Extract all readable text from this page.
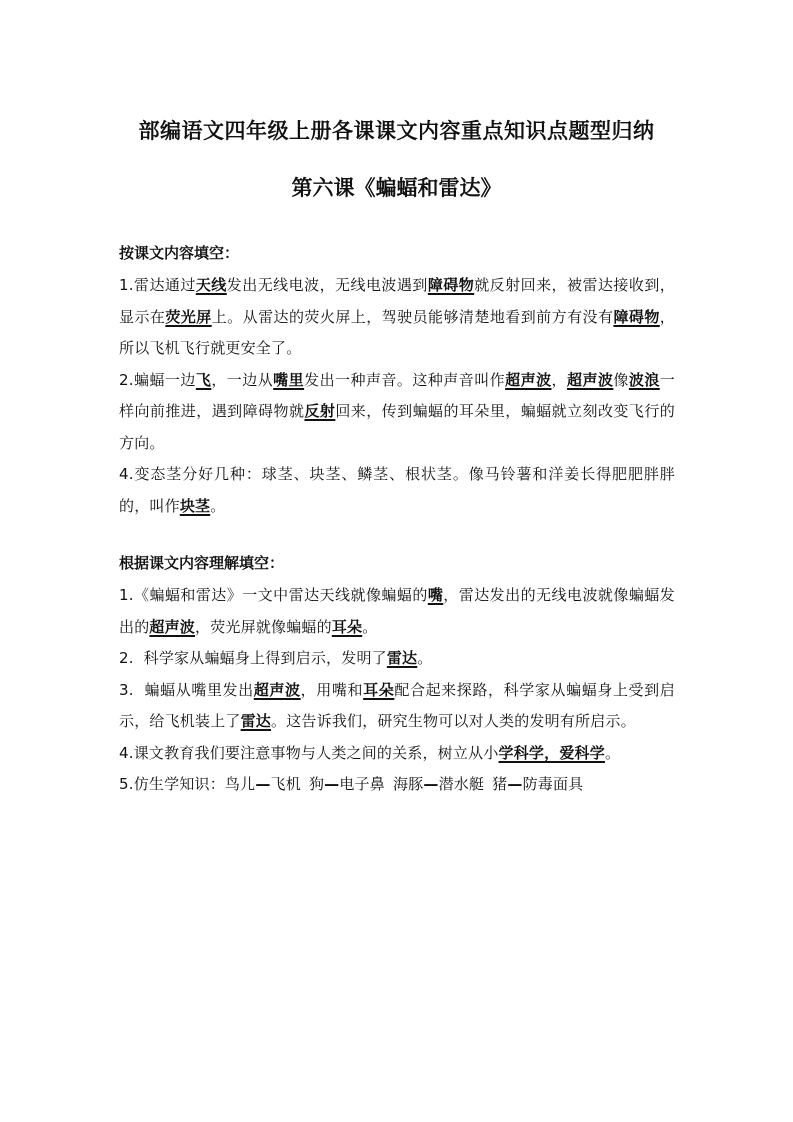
部编语文四年级上册各课课文内容重点知识点题型归纳
第六课《蝙蝠和雷达》

按课文内容填空：

1.雷达通过天线发出无线电波，无线电波遇到障碍物就反射回来，被雷达接收到，显示在荧光屏上。从雷达的荧火屏上，驾驶员能够清楚地看到前方有没有障碍物，所以飞机飞行就更安全了。

2.蝙蝠一边飞，一边从嘴里发出一种声音。这种声音叫作超声波，超声波像波浪一样向前推进，遇到障碍物就反射回来，传到蝙蝠的耳朵里，蝙蝠就立刻改变飞行的方向。

4.变态茎分好几种：球茎、块茎、鳞茎、根状茎。像马铃薯和洋姜长得肥肥胖胖的，叫作块茎。

根据课文内容理解填空：

1.《蝙蝠和雷达》一文中雷达天线就像蝙蝠的嘴，雷达发出的无线电波就像蝙蝠发出的超声波，荧光屏就像蝙蝠的耳朵。

2.  科学家从蝙蝠身上得到启示，发明了雷达。

3.  蝙蝠从嘴里发出超声波，用嘴和耳朵配合起来探路，科学家从蝙蝠身上受到启示，给飞机装上了雷达。这告诉我们，研究生物可以对人类的发明有所启示。

4.课文教育我们要注意事物与人类之间的关系，树立从小学科学，爱科学。

5.仿生学知识：鸟儿—飞机 狗—电子鼻 海豚—潜水艇 猪—防毒面具
